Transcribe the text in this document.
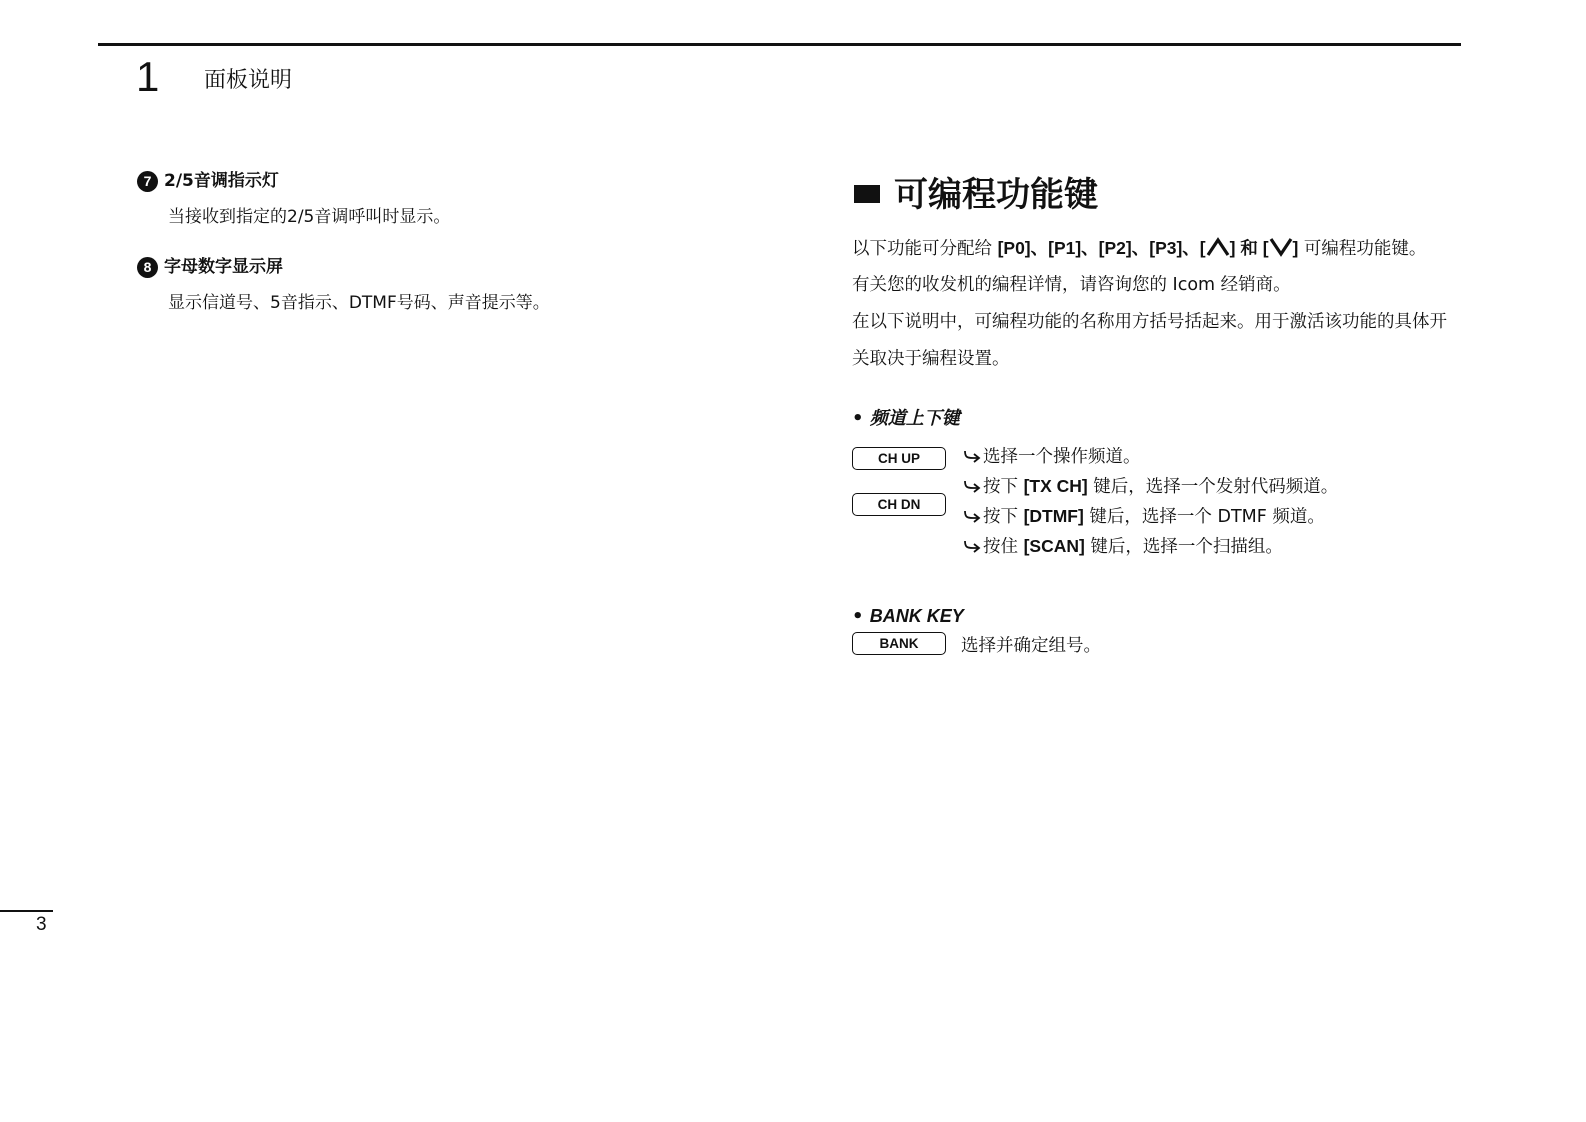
1 面板说明
7 2/5音调指示灯
当接收到指定的2/5音调呼叫时显示。
8 字母数字显示屏
显示信道号、5音指示、DTMF号码、声音提示等。
可编程功能键
以下功能可分配给 [P0]、[P1]、[P2]、[P3]、[ ] 和 [ ] 可编程功能键。
有关您的收发机的编程详情，请咨询您的 Icom 经销商。
在以下说明中，可编程功能的名称用方括号括起来。用于激活该功能的具体开
关取决于编程设置。
• 频道上下键
CH UP
CH DN
选择一个操作频道。
按下 [TX CH] 键后，选择一个发射代码频道。
按下 [DTMF] 键后，选择一个 DTMF 频道。
按住 [SCAN] 键后，选择一个扫描组。
• BANK KEY
BANK	选择并确定组号。
3
